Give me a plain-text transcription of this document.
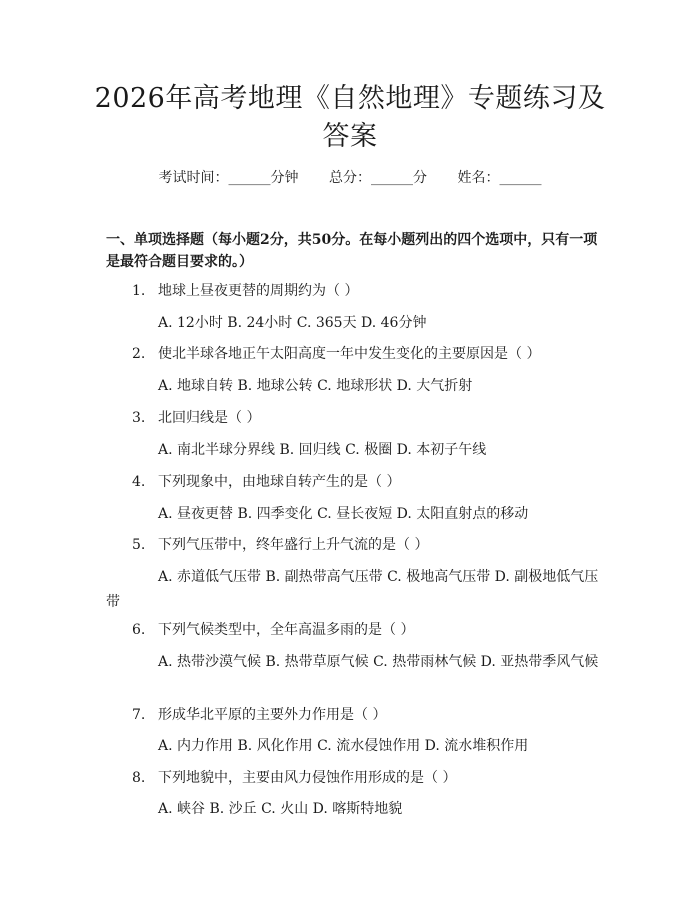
2026年高考地理《自然地理》专题练习及答案
考试时间：______分钟 总分：______分 姓名：______
一、单项选择题（每小题2分，共50分。在每小题列出的四个选项中，只有一项是最符合题目要求的。）
1. 地球上昼夜更替的周期约为（ ）
A. 12小时 B. 24小时 C. 365天 D. 46分钟
2. 使北半球各地正午太阳高度一年中发生变化的主要原因是（ ）
A. 地球自转 B. 地球公转 C. 地球形状 D. 大气折射
3. 北回归线是（ ）
A. 南北半球分界线 B. 回归线 C. 极圈 D. 本初子午线
4. 下列现象中，由地球自转产生的是（ ）
A. 昼夜更替 B. 四季变化 C. 昼长夜短 D. 太阳直射点的移动
5. 下列气压带中，终年盛行上升气流的是（ ）
A. 赤道低气压带 B. 副热带高气压带 C. 极地高气压带 D. 副极地低气压带
6. 下列气候类型中，全年高温多雨的是（ ）
A. 热带沙漠气候 B. 热带草原气候 C. 热带雨林气候 D. 亚热带季风气候
7. 形成华北平原的主要外力作用是（ ）
A. 内力作用 B. 风化作用 C. 流水侵蚀作用 D. 流水堆积作用
8. 下列地貌中，主要由风力侵蚀作用形成的是（ ）
A. 峡谷 B. 沙丘 C. 火山 D. 喀斯特地貌
